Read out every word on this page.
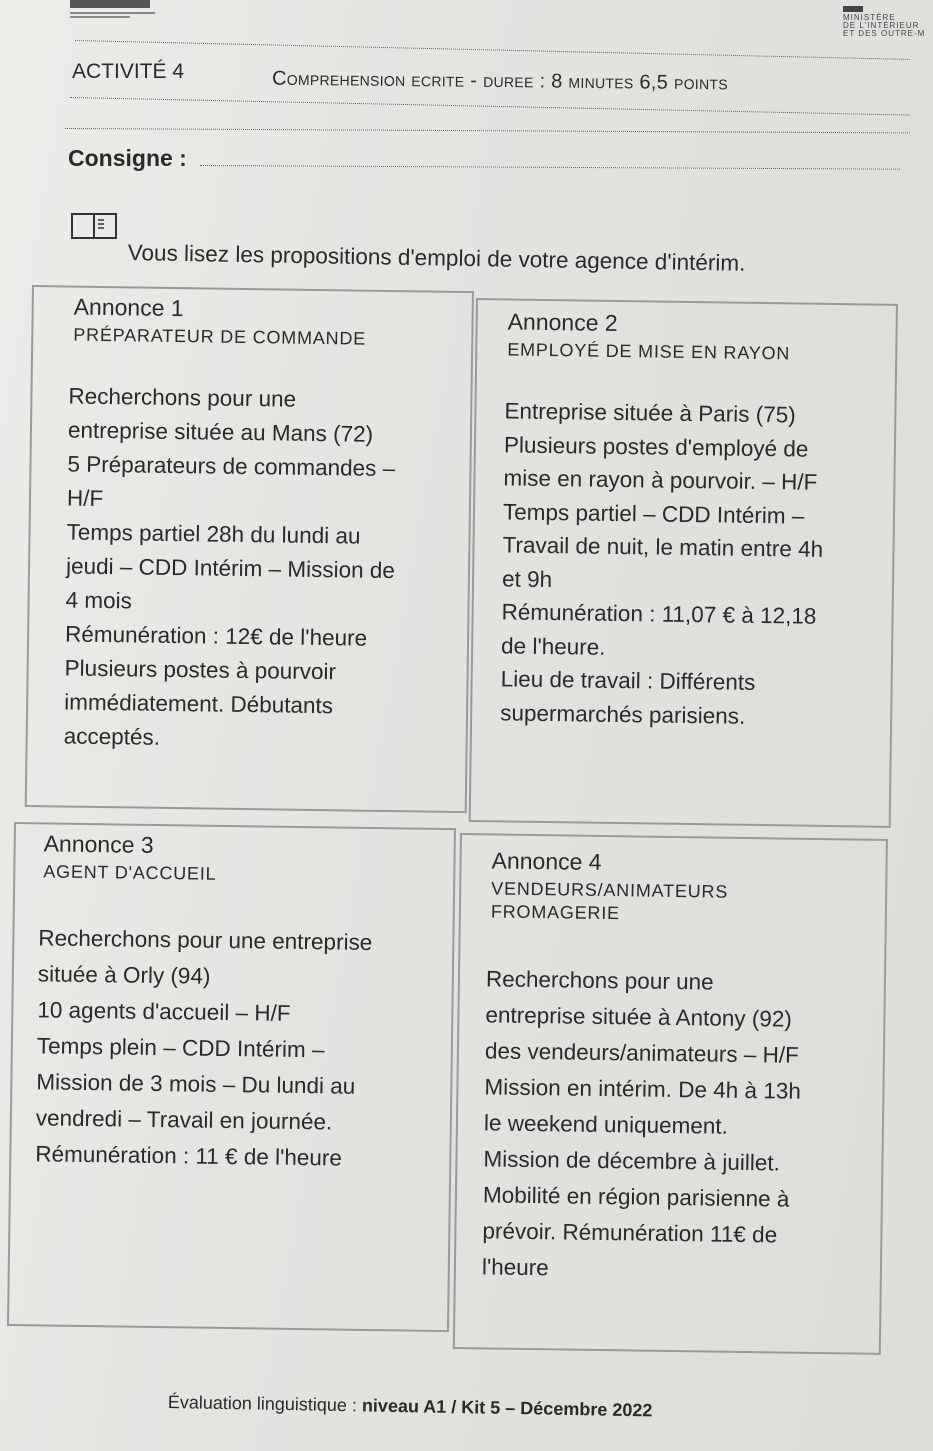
MINISTÈRE
DE L'INTÉRIEUR
ET DES OUTRE-M
ACTIVITÉ 4	Comprehension ecrite - duree : 8 minutes 6,5 points
Consigne :
Vous lisez les propositions d'emploi de votre agence d'intérim.
Annonce 1
PRÉPARATEUR DE COMMANDE
Recherchons pour une
entreprise située au Mans (72)
5 Préparateurs de commandes –
H/F
Temps partiel 28h du lundi au
jeudi – CDD Intérim – Mission de
4 mois
Rémunération : 12€ de l'heure
Plusieurs postes à pourvoir
immédiatement. Débutants
acceptés.
Annonce 2
EMPLOYÉ DE MISE EN RAYON
Entreprise située à Paris (75)
Plusieurs postes d'employé de
mise en rayon à pourvoir. – H/F
Temps partiel – CDD Intérim –
Travail de nuit, le matin entre 4h
et 9h
Rémunération : 11,07 € à 12,18
de l'heure.
Lieu de travail : Différents
supermarchés parisiens.
Annonce 3
AGENT D'ACCUEIL
Recherchons pour une entreprise
située à Orly (94)
10 agents d'accueil – H/F
Temps plein – CDD Intérim –
Mission de 3 mois – Du lundi au
vendredi – Travail en journée.
Rémunération : 11 € de l'heure
Annonce 4
VENDEURS/ANIMATEURS
FROMAGERIE
Recherchons pour une
entreprise située à Antony (92)
des vendeurs/animateurs – H/F
Mission en intérim. De 4h à 13h
le weekend uniquement.
Mission de décembre à juillet.
Mobilité en région parisienne à
prévoir. Rémunération 11€ de
l'heure
Évaluation linguistique : niveau A1 / Kit 5 – Décembre 2022
